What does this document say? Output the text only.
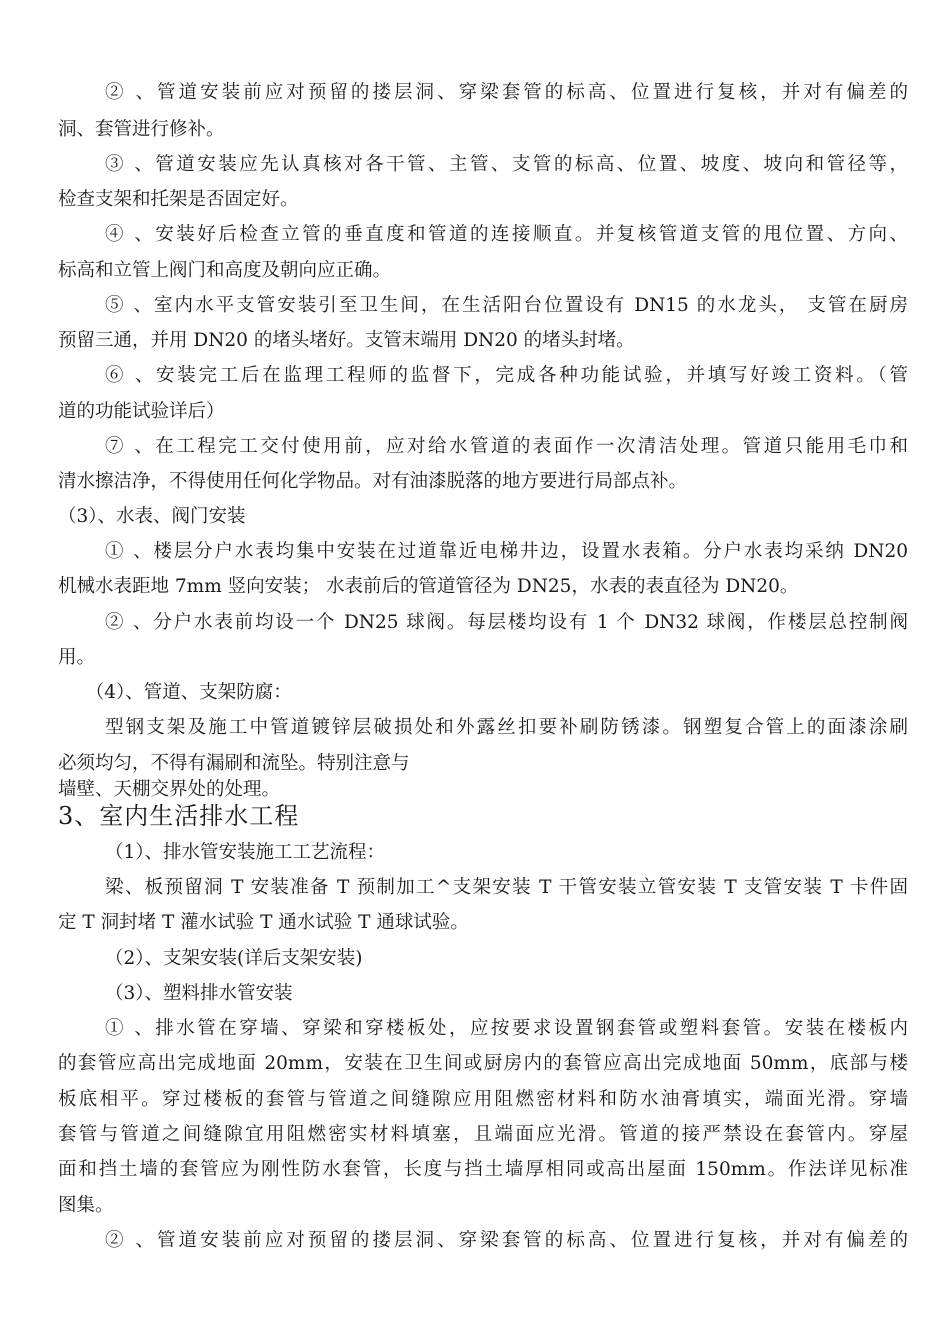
② 、管道安装前应对预留的搂层洞、穿梁套管的标高、位置进行复核，并对有偏差的
洞、套管进行修补。
③ 、管道安装应先认真核对各干管、主管、支管的标高、位置、坡度、坡向和管径等，
检查支架和托架是否固定好。
④ 、安装好后检查立管的垂直度和管道的连接顺直。并复核管道支管的甩位置、方向、
标高和立管上阀门和高度及朝向应正确。
⑤ 、室内水平支管安装引至卫生间，在生活阳台位置设有 DN15 的水龙头， 支管在厨房
预留三通，并用 DN20 的堵头堵好。支管末端用 DN20 的堵头封堵。
⑥ 、安装完工后在监理工程师的监督下，完成各种功能试验，并填写好竣工资料。（管
道的功能试验详后）
⑦ 、在工程完工交付使用前，应对给水管道的表面作一次清洁处理。管道只能用毛巾和
清水擦洁净，不得使用任何化学物品。对有油漆脱落的地方要进行局部点补。
（3）、水表、阀门安装
① 、楼层分户水表均集中安装在过道靠近电梯井边，设置水表箱。分户水表均采纳 DN20
机械水表距地 7mm 竖向安装； 水表前后的管道管径为 DN25，水表的表直径为 DN20。
② 、分户水表前均设一个 DN25 球阀。每层楼均设有 1 个 DN32 球阀，作楼层总控制阀
用。
　　（4）、管道、支架防腐：
型钢支架及施工中管道镀锌层破损处和外露丝扣要补刷防锈漆。钢塑复合管上的面漆涂刷
必须均匀，不得有漏刷和流坠。特别注意与
墙壁、天棚交界处的处理。
3、室内生活排水工程
（1）、排水管安装施工工艺流程：
梁、板预留洞 T 安装准备 T 预制加工^支架安装 T 干管安装立管安装 T 支管安装 T 卡件固
定 T 洞封堵 T 灌水试验 T 通水试验 T 通球试验。
（2）、支架安装(详后支架安装)
（3）、塑料排水管安装
① 、排水管在穿墙、穿梁和穿楼板处，应按要求设置钢套管或塑料套管。安装在楼板内
的套管应高出完成地面 20mm，安装在卫生间或厨房内的套管应高出完成地面 50mm，底部与楼
板底相平。穿过楼板的套管与管道之间缝隙应用阻燃密材料和防水油膏填实，端面光滑。穿墙
套管与管道之间缝隙宜用阻燃密实材料填塞，且端面应光滑。管道的接严禁设在套管内。穿屋
面和挡土墙的套管应为刚性防水套管，长度与挡土墙厚相同或高出屋面 150mm。作法详见标准
图集。
② 、管道安装前应对预留的搂层洞、穿梁套管的标高、位置进行复核，并对有偏差的
